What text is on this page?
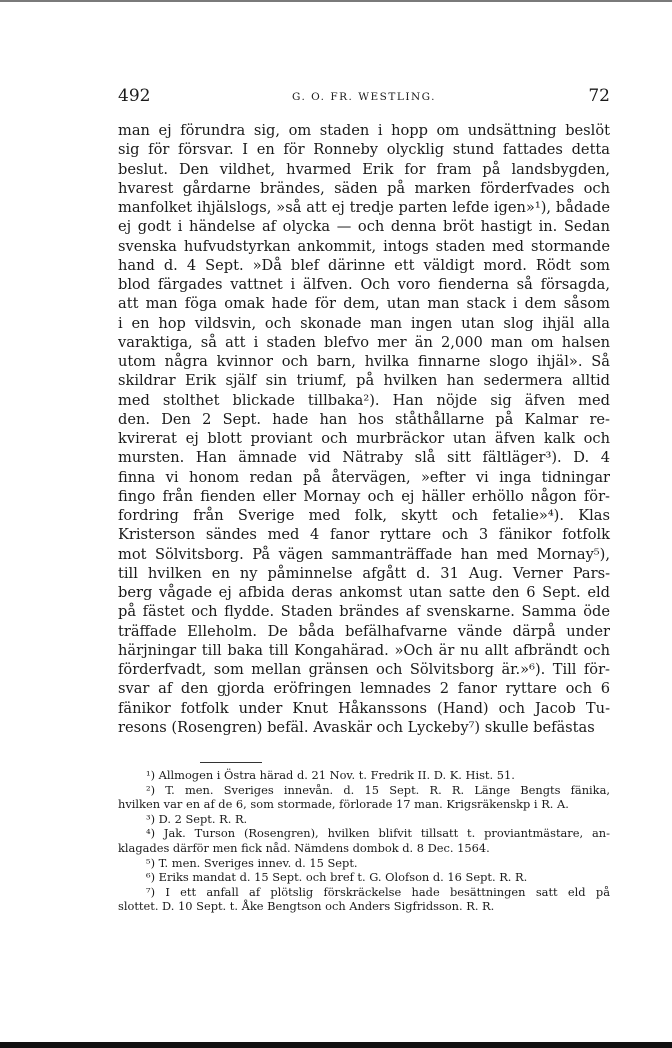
492	G. O. FR. WESTLING.	72
man ej förundra sig, om staden i hopp om undsättning beslöt
sig för försvar. I en för Ronneby olycklig stund fattades detta
beslut. Den vildhet, hvarmed Erik for fram på landsbygden,
hvarest gårdarne brändes, säden på marken förderfvades och
manfolket ihjälslogs, »så att ej tredje parten lefde igen»¹), bådade
ej godt i händelse af olycka — och denna bröt hastigt in. Sedan
svenska hufvudstyrkan ankommit, intogs staden med stormande
hand d. 4 Sept. »Då blef därinne ett väldigt mord. Rödt som
blod färgades vattnet i älfven. Och voro fienderna så försagda,
att man föga omak hade för dem, utan man stack i dem såsom
i en hop vildsvin, och skonade man ingen utan slog ihjäl alla
varaktiga, så att i staden blefvo mer än 2,000 man om halsen
utom några kvinnor och barn, hvilka finnarne slogo ihjäl». Så
skildrar Erik själf sin triumf, på hvilken han sedermera alltid
med stolthet blickade tillbaka²). Han nöjde sig äfven med
den. Den 2 Sept. hade han hos ståthållarne på Kalmar re-
kvirerat ej blott proviant och murbräckor utan äfven kalk och
mursten. Han ämnade vid Nätraby slå sitt fältläger³). D. 4
finna vi honom redan på återvägen, »efter vi inga tidningar
fingo från fienden eller Mornay och ej häller erhöllo någon för-
fordring från Sverige med folk, skytt och fetalie»⁴). Klas
Kristerson sändes med 4 fanor ryttare och 3 fänikor fotfolk
mot Sölvitsborg. På vägen sammanträffade han med Mornay⁵),
till hvilken en ny påminnelse afgått d. 31 Aug. Verner Pars-
berg vågade ej afbida deras ankomst utan satte den 6 Sept. eld
på fästet och flydde. Staden brändes af svenskarne. Samma öde
träffade Elleholm. De båda befälhafvarne vände därpå under
härjningar till baka till Kongahärad. »Och är nu allt afbrändt och
förderfvadt, som mellan gränsen och Sölvitsborg är.»⁶). Till för-
svar af den gjorda eröfringen lemnades 2 fanor ryttare och 6
fänikor fotfolk under Knut Håkanssons (Hand) och Jacob Tu-
resons (Rosengren) befäl. Avaskär och Lyckeby⁷) skulle befästas
¹) Allmogen i Östra härad d. 21 Nov. t. Fredrik II. D. K. Hist. 51.
²) T. men. Sveriges innevån. d. 15 Sept. R. R. Länge Bengts fänika,
hvilken var en af de 6, som stormade, förlorade 17 man. Krigsräkenskp i R. A.
³) D. 2 Sept. R. R.
⁴) Jak. Turson (Rosengren), hvilken blifvit tillsatt t. proviantmästare, an-
klagades därför men fick nåd. Nämdens dombok d. 8 Dec. 1564.
⁵) T. men. Sveriges innev. d. 15 Sept.
⁶) Eriks mandat d. 15 Sept. och bref t. G. Olofson d. 16 Sept. R. R.
⁷) I ett anfall af plötslig förskräckelse hade besättningen satt eld på
slottet. D. 10 Sept. t. Åke Bengtson och Anders Sigfridsson. R. R.
